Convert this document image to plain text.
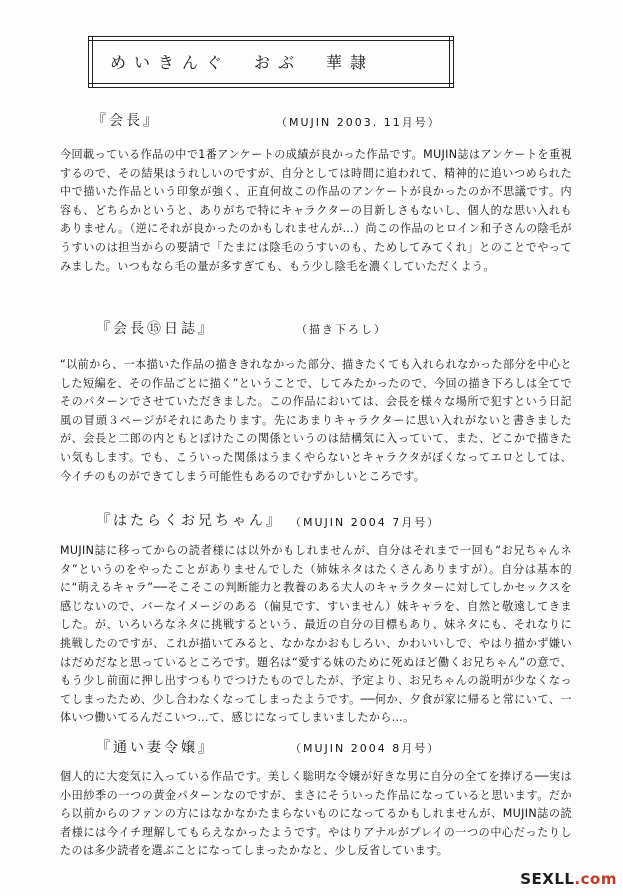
めいきんぐ　おぶ　華隷
『会長』	（MUJIN 2003. 11月号）
今回載っている作品の中で1番アンケートの成績が良かった作品です。MUJIN誌はアンケートを重視するので、その結果はうれしいのですが、自分としては時間に追われて、精神的に追いつめられた中で描いた作品という印象が強く、正直何故この作品のアンケートが良かったのか不思議です。内容も、どちらかというと、ありがちで特にキャラクターの目新しさもないし、個人的な思い入れもありません。（逆にそれが良かったのかもしれませんが…）尚この作品のヒロイン和子さんの陰毛がうすいのは担当からの要請で「たまには陰毛のうすいのも、ためしてみてくれ」とのことでやってみました。いつもなら毛の量が多すぎても、もう少し陰毛を濃くしていただくよう。
『会長⑮日誌』	（描き下ろし）
“以前から、一本描いた作品の描ききれなかった部分、描きたくても入れられなかった部分を中心とした短編を、その作品ごとに描く”ということで、してみたかったので、今回の描き下ろしは全てでそのパターンでさせていただきました。この作品においては、会長を様々な場所で犯すという日記風の冒頭３ページがそれにあたります。先にあまりキャラクターに思い入れがないと書きましたが、会長と二郎の内ともとぼけたこの関係というのは結構気に入っていて、また、どこかで描きたい気もします。でも、こういった関係はうまくやらないとキャラクタがぼくなってエロとしては、今イチのものができてしまう可能性もあるのでむずかしいところです。
『はたらくお兄ちゃん』 （MUJIN 2004 7月号）
MUJIN誌に移ってからの読者様には以外かもしれませんが、自分はそれまで一回も“お兄ちゃんネタ”というのをやったことがありませんでした（姉妹ネタはたくさんありますが）。自分は基本的に“萌えるキャラ”──そこそこの判断能力と教養のある大人のキャラクターに対してしかセックスを感じないので、バーなイメージのある（偏見です、すいません）妹キャラを、自然と敬遠してきました。が、いろいろなネタに挑戦するという、最近の自分の目標もあり、妹ネタにも、それなりに挑戦したのですが、これが描いてみると、なかなかおもしろい、かわいいしで、やはり描かず嫌いはだめだなと思っているところです。題名は“愛する妹のために死ぬほど働くお兄ちゃん”の意で、もう少し前面に押し出すつもりでつけたものでしたが、予定より、お兄ちゃんの説明が少なくなってしまったため、少し合わなくなってしまったようです。──何か、夕食が家に帰ると常にいて、一体いつ働いてるんだこいつ…て、感じになってしまいましたから…。
『通い妻令嬢』	（MUJIN 2004 8月号）
個人的に大変気に入っている作品です。美しく聡明な令嬢が好きな男に自分の全てを捧げる──実は小田紗季の一つの黄金パターンなのですが、まさにそういった作品になっていると思います。だから以前からのファンの方にはなかなかたまらないものになってるかもしれませんが、MUJIN誌の読者様には今イチ理解してもらえなかったようです。やはりアナルがプレイの一つの中心だったりしたのは多少読者を選ぶことになってしまったかなと、少し反省しています。
SEXLL.com
